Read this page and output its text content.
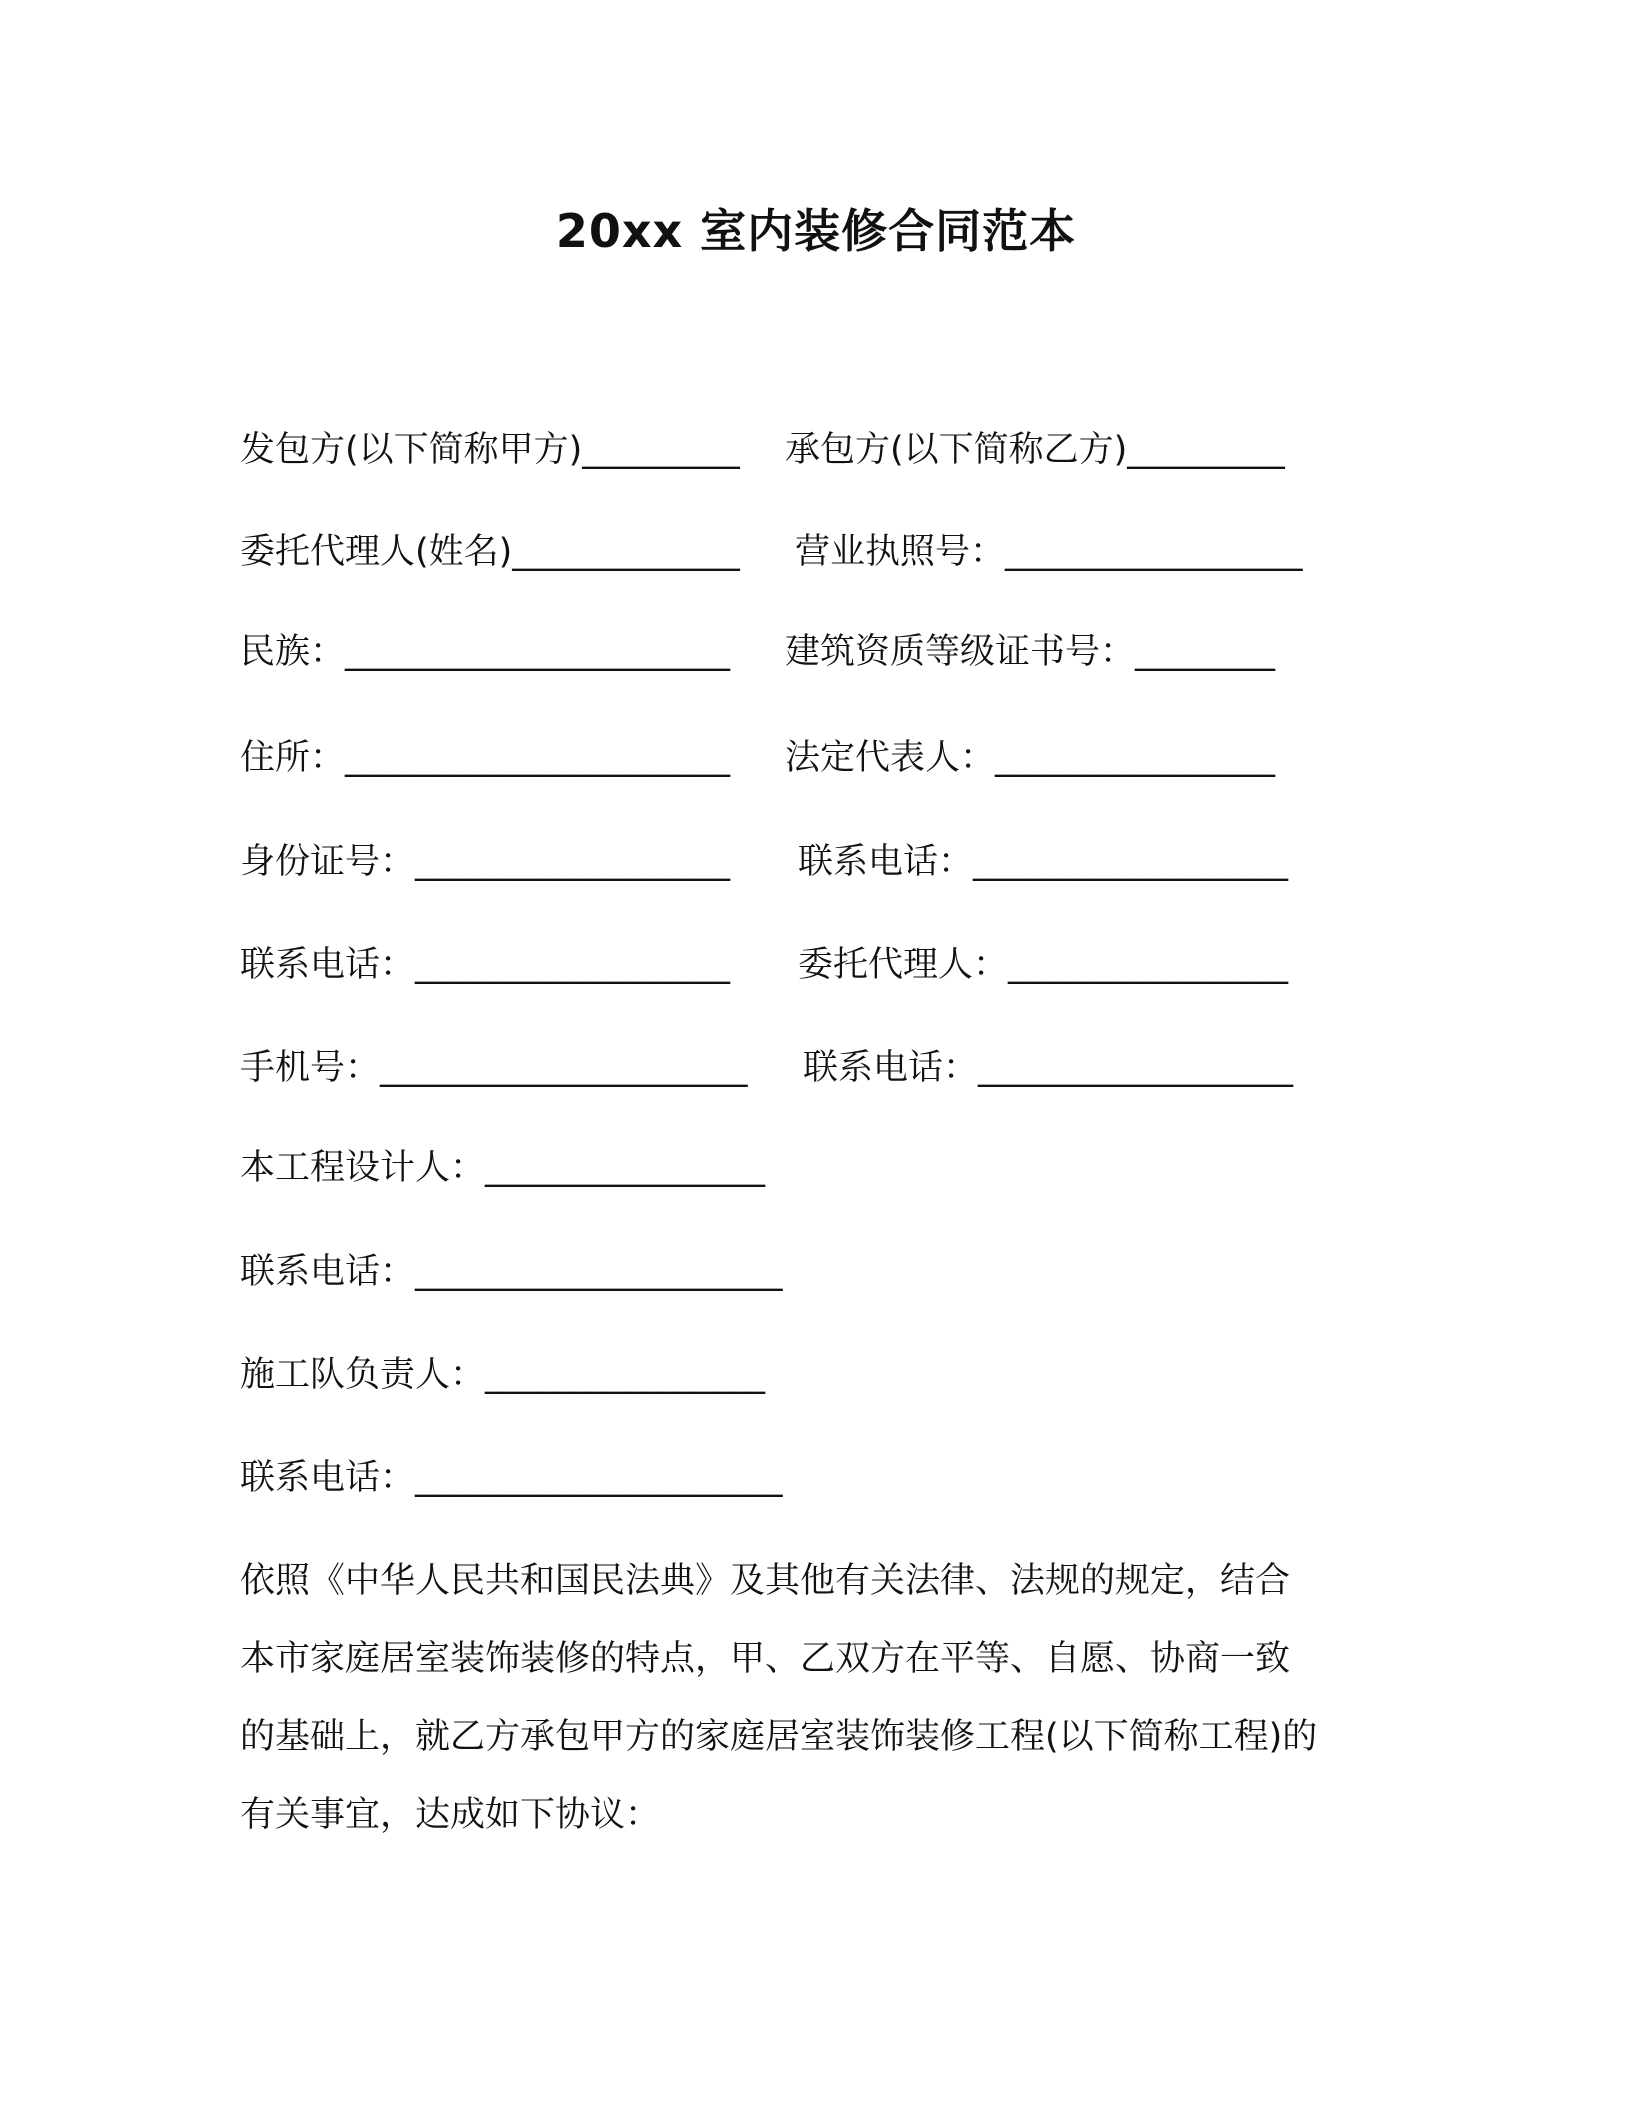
20xx 室内装修合同范本
发包方(以下简称甲方)_________ 承包方(以下简称乙方)_________
委托代理人(姓名)_____________ 营业执照号：_________________
民族：______________________ 建筑资质等级证书号：________
住所：______________________ 法定代表人：________________
身份证号：__________________ 联系电话：__________________
联系电话：__________________ 委托代理人：________________
手机号：_____________________ 联系电话：__________________
本工程设计人：________________
联系电话：_____________________
施工队负责人：________________
联系电话：_____________________
依照《中华人民共和国民法典》及其他有关法律、法规的规定，结合
本市家庭居室装饰装修的特点，甲、乙双方在平等、自愿、协商一致
的基础上，就乙方承包甲方的家庭居室装饰装修工程(以下简称工程)的
有关事宜，达成如下协议：
